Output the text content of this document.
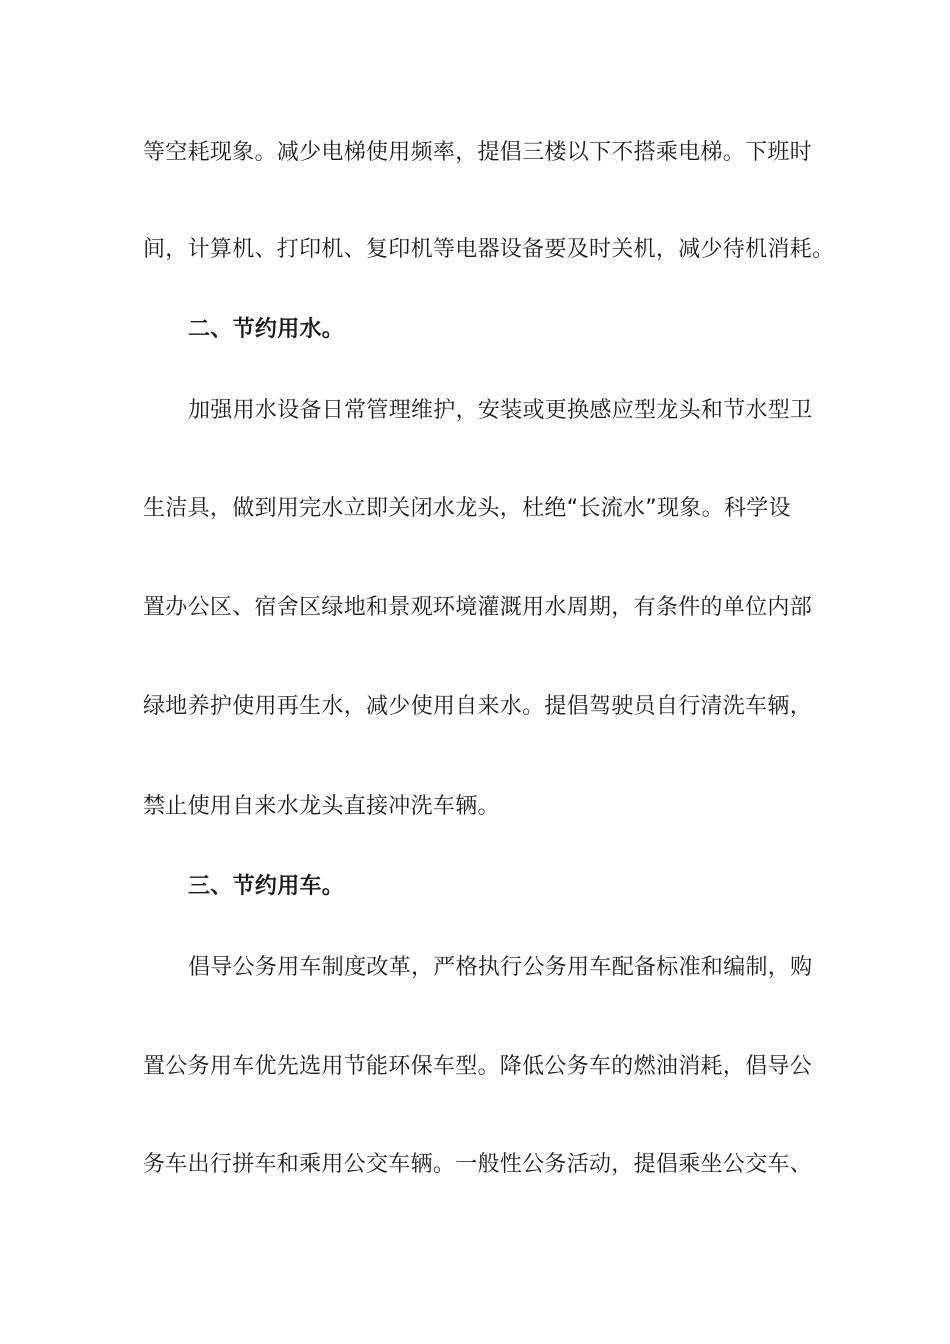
等空耗现象。减少电梯使用频率，提倡三楼以下不搭乘电梯。下班时
间，计算机、打印机、复印机等电器设备要及时关机，减少待机消耗。
二、节约用水。
加强用水设备日常管理维护，安装或更换感应型龙头和节水型卫
生洁具，做到用完水立即关闭水龙头，杜绝“长流水”现象。科学设
置办公区、宿舍区绿地和景观环境灌溉用水周期，有条件的单位内部
绿地养护使用再生水，减少使用自来水。提倡驾驶员自行清洗车辆，
禁止使用自来水龙头直接冲洗车辆。
三、节约用车。
倡导公务用车制度改革，严格执行公务用车配备标准和编制，购
置公务用车优先选用节能环保车型。降低公务车的燃油消耗，倡导公
务车出行拼车和乘用公交车辆。一般性公务活动，提倡乘坐公交车、
